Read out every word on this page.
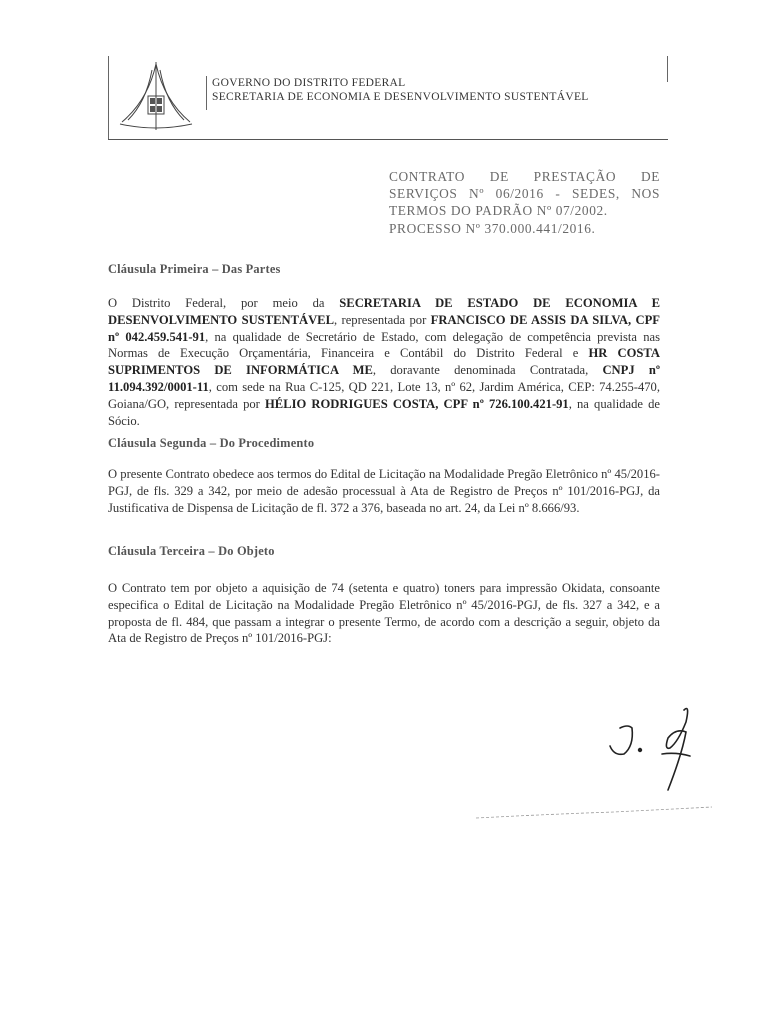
GOVERNO DO DISTRITO FEDERAL
SECRETARIA DE ECONOMIA E DESENVOLVIMENTO SUSTENTÁVEL
CONTRATO DE PRESTAÇÃO DE
SERVIÇOS Nº 06/2016 - SEDES, NOS
TERMOS DO PADRÃO Nº 07/2002.
PROCESSO Nº 370.000.441/2016.
Cláusula Primeira – Das Partes
O Distrito Federal, por meio da SECRETARIA DE ESTADO DE ECONOMIA E DESENVOLVIMENTO SUSTENTÁVEL, representada por FRANCISCO DE ASSIS DA SILVA, CPF nº 042.459.541-91, na qualidade de Secretário de Estado, com delegação de competência prevista nas Normas de Execução Orçamentária, Financeira e Contábil do Distrito Federal e HR COSTA SUPRIMENTOS DE INFORMÁTICA ME, doravante denominada Contratada, CNPJ nº 11.094.392/0001-11, com sede na Rua C-125, QD 221, Lote 13, nº 62, Jardim América, CEP: 74.255-470, Goiana/GO, representada por HÉLIO RODRIGUES COSTA, CPF nº 726.100.421-91, na qualidade de Sócio.
Cláusula Segunda – Do Procedimento
O presente Contrato obedece aos termos do Edital de Licitação na Modalidade Pregão Eletrônico nº 45/2016-PGJ, de fls. 329 a 342, por meio de adesão processual à Ata de Registro de Preços nº 101/2016-PGJ, da Justificativa de Dispensa de Licitação de fl. 372 a 376, baseada no art. 24, da Lei nº 8.666/93.
Cláusula Terceira – Do Objeto
O Contrato tem por objeto a aquisição de 74 (setenta e quatro) toners para impressão Okidata, consoante especifica o Edital de Licitação na Modalidade Pregão Eletrônico nº 45/2016-PGJ, de fls. 327 a 342, e a proposta de fl. 484, que passam a integrar o presente Termo, de acordo com a descrição a seguir, objeto da Ata de Registro de Preços nº 101/2016-PGJ:
